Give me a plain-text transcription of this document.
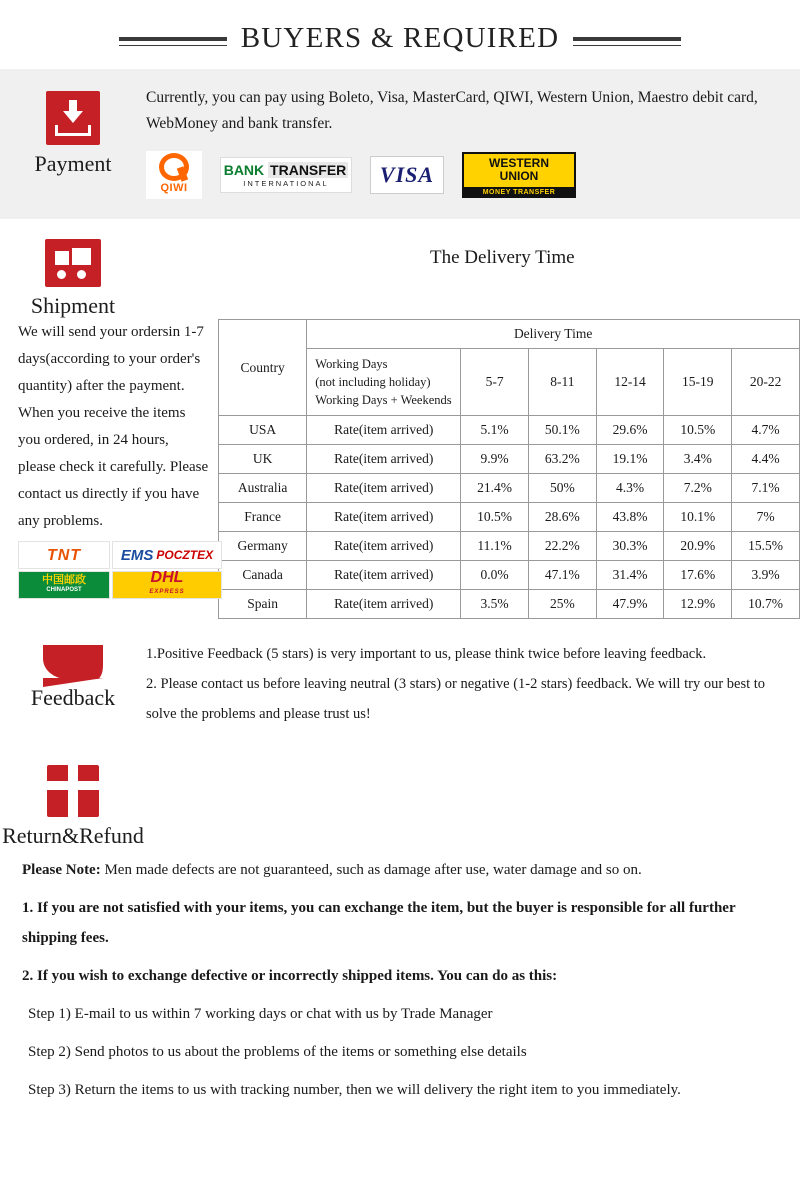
BUYERS & REQUIRED
Payment
Currently, you can pay using Boleto, Visa, MasterCard, QIWI, Western Union, Maestro debit card, WebMoney and bank transfer.
QIWI
BANK TRANSFER
INTERNATIONAL	VISA	WESTERN
UNION
MONEY TRANSFER
Shipment
The Delivery Time
We will send your ordersin 1-7 days(according to your order's quantity) after the payment. When you receive the items you ordered, in 24 hours, please check it carefully. Please contact us directly if you have any problems.
TNT	EMS POCZTEX
中国邮政
CHINAPOST
DHL
EXPRESS
Country	Delivery Time					

	Working Days
(not including holiday)
Working Days + Weekends	5-7	8-11	12-14	15-19	20-22
USA	Rate(item arrived)	5.1%	50.1%	29.6%	10.5%	4.7%
UK	Rate(item arrived)	9.9%	63.2%	19.1%	3.4%	4.4%
Australia	Rate(item arrived)	21.4%	50%	4.3%	7.2%	7.1%
France	Rate(item arrived)	10.5%	28.6%	43.8%	10.1%	7%
Germany	Rate(item arrived)	11.1%	22.2%	30.3%	20.9%	15.5%
Canada	Rate(item arrived)	0.0%	47.1%	31.4%	17.6%	3.9%
Spain	Rate(item arrived)	3.5%	25%	47.9%	12.9%	10.7%
Feedback
1.Positive Feedback (5 stars) is very important to us, please think twice before leaving feedback.
2. Please contact us before leaving neutral (3 stars) or negative (1-2 stars) feedback. We will try our best to solve the problems and please trust us!
Return&Refund

Please Note: Men made defects are not guaranteed, such as damage after use, water damage and so on.

1. If you are not satisfied with your items, you can exchange the item, but the buyer is responsible for all further shipping fees.

2. If you wish to exchange defective or incorrectly shipped items. You can do as this:

Step 1) E-mail to us within 7 working days or chat with us by Trade Manager

Step 2) Send photos to us about the problems of the items or something else details

Step 3) Return the items to us with tracking number, then we will delivery the right item to you immediately.
